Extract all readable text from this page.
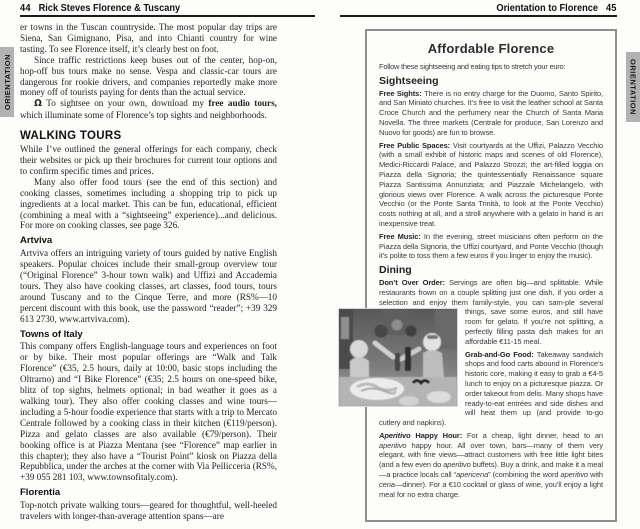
44 Rick Steves Florence & Tuscany
ORIENTATION

er towns in the Tuscan countryside. The most popular day trips are Siena, San Gimignano, Pisa, and into Chianti country for wine tasting. To see Florence itself, it’s clearly best on foot.

Since traffic restrictions keep buses out of the center, hop-on, hop-off bus tours make no sense. Vespa and classic-car tours are dangerous for rookie drivers, and companies reportedly make more money off of tourists paying for dents than the actual service.

Ω To sightsee on your own, download my free audio tours, which illuminate some of Florence’s top sights and neighborhoods.

WALKING TOURS

While I’ve outlined the general offerings for each company, check their websites or pick up their brochures for current tour options and to confirm specific times and prices.

Many also offer food tours (see the end of this section) and cooking classes, sometimes including a shopping trip to pick up ingredients at a local market. This can be fun, educational, efficient (combining a meal with a “sightseeing” experience)...and delicious. For more on cooking classes, see page 326.

Artviva

Artviva offers an intriguing variety of tours guided by native English speakers. Popular choices include their small-group overview tour (“Original Florence” 3-hour town walk) and Uffizi and Accademia tours. They also have cooking classes, art classes, food tours, tours around Tuscany and to the Cinque Terre, and more (RS%—10 percent discount with this book, use the password “reader”; +39 329 613 2730, www.artviva.com).

Towns of Italy

This company offers English-language tours and experiences on foot or by bike. Their most popular offerings are “Walk and Talk Florence” (€35, 2.5 hours, daily at 10:00, basic stops including the Oltrarno) and “I Bike Florence” (€35; 2.5 hours on one-speed bike, blitz of top sights, helmets optional; in bad weather it goes as a walking tour). They also offer cooking classes and wine tours—including a 5-hour foodie experience that starts with a trip to Mercato Centrale followed by a cooking class in their kitchen (€119/person). Pizza and gelato classes are also available (€79/person). Their booking office is at Piazza Mentana (see “Florence” map earlier in this chapter); they also have a “Tourist Point” kiosk on Piazza della Repubblica, under the arches at the corner with Via Pellicceria (RS%, +39 055 281 103, www.townsofitaly.com).

Florentia

Top-notch private walking tours—geared for thoughtful, well-heeled travelers with longer-than-average attention spans—are

Orientation to Florence 45
ORIENTATION
Affordable Florence

Follow these sightseeing and eating tips to stretch your euro:

Sightseeing

Free Sights: There is no entry charge for the Duomo, Santo Spirito, and San Miniato churches. It’s free to visit the leather school at Santa Croce Church and the perfumery near the Church of Santa Maria Novella. The three markets (Centrale for produce, San Lorenzo and Nuovo for goods) are fun to browse.

Free Public Spaces: Visit courtyards at the Uffizi, Palazzo Vecchio (with a small exhibit of historic maps and scenes of old Florence), Medici-Riccardi Palace, and Palazzo Strozzi; the art-filled loggia on Piazza della Signoria; the quintessentially Renaissance square Piazza Santissima Annunziata; and Piazzale Michelangelo, with glorious views over Florence. A walk across the picturesque Ponte Vecchio (or the Ponte Santa Trinità, to look at the Ponte Vecchio) costs nothing at all, and a stroll anywhere with a gelato in hand is an inexpensive treat.

Free Music: In the evening, street musicians often perform on the Piazza della Signoria, the Uffizi courtyard, and Ponte Vecchio (though it’s polite to toss them a few euros if you linger to enjoy the music).

Dining

Don’t Over Order: Servings are often big—and splittable. While restaurants frown on a couple splitting just one dish, if you order a selection and enjoy them family-style, you can sam-
ple several things, save some euros, and still have room for gelato. If you’re not splitting, a perfectly filling pasta dish makes for an affordable €11-15 meal.

Grab-and-Go Food: Takeaway sandwich shops and food carts abound in Florence’s historic core, making it easy to grab a €4-5 lunch to enjoy on a picturesque piazza. Or order takeout from delis. Many shops have ready-to-eat entrées and side dishes and will heat them up (and provide to-go cutlery and napkins).

Aperitivo Happy Hour: For a cheap, light dinner, head to an aperitivo happy hour. All over town, bars—many of them very elegant, with fine views—attract customers with free little light bites (and a few even do aperitivo buffets). Buy a drink, and make it a meal—a practice locals call “apericena” (combining the word aperitivo with cena—dinner). For a €10 cocktail or glass of wine, you’ll enjoy a light meal for no extra charge.
